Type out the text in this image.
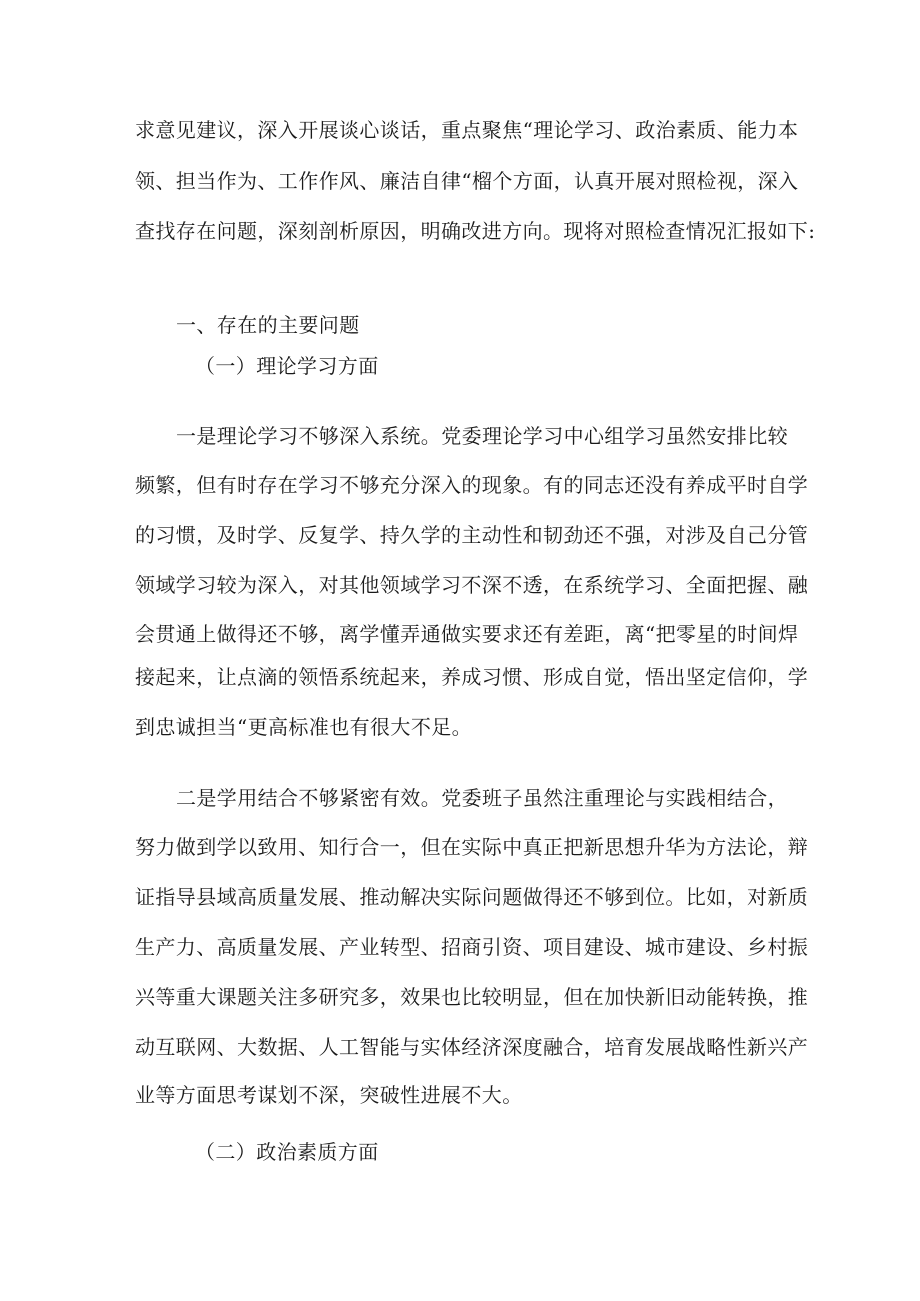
求意见建议，深入开展谈心谈话，重点聚焦“理论学习、政治素质、能力本
领、担当作为、工作作风、廉洁自律“榴个方面，认真开展对照检视，深入
查找存在问题，深刻剖析原因，明确改进方向。现将对照检查情况汇报如下:
一、存在的主要问题
（一）理论学习方面
一是理论学习不够深入系统。党委理论学习中心组学习虽然安排比较
频繁，但有时存在学习不够充分深入的现象。有的同志还没有养成平时自学
的习惯，及时学、反复学、持久学的主动性和韧劲还不强，对涉及自己分管
领域学习较为深入，对其他领域学习不深不透，在系统学习、全面把握、融
会贯通上做得还不够，离学懂弄通做实要求还有差距，离“把零星的时间焊
接起来，让点滴的领悟系统起来，养成习惯、形成自觉，悟出坚定信仰，学
到忠诚担当“更高标准也有很大不足。
二是学用结合不够紧密有效。党委班子虽然注重理论与实践相结合，
努力做到学以致用、知行合一，但在实际中真正把新思想升华为方法论，辩
证指导县域高质量发展、推动解决实际问题做得还不够到位。比如，对新质
生产力、高质量发展、产业转型、招商引资、项目建设、城市建设、乡村振
兴等重大课题关注多研究多，效果也比较明显，但在加快新旧动能转换，推
动互联网、大数据、人工智能与实体经济深度融合，培育发展战略性新兴产
业等方面思考谋划不深，突破性进展不大。
（二）政治素质方面
